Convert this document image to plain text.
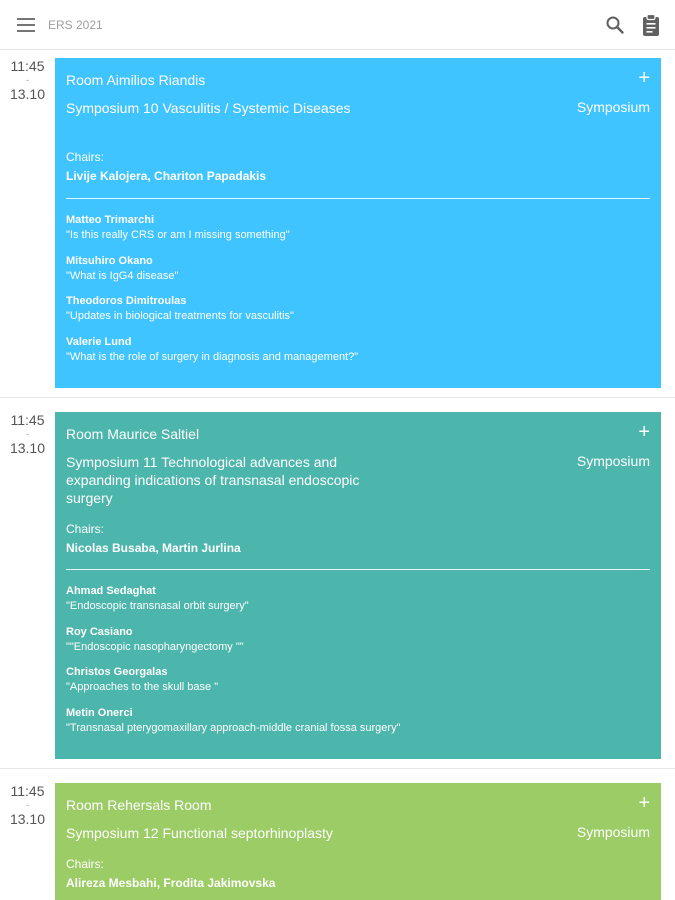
ERS 2021
11:45
-
13.10
Room Aimilios Riandis	+
Symposium 10 Vasculitis / Systemic Diseases	Symposium
Chairs:
Livije Kalojera, Chariton Papadakis
Matteo Trimarchi
"Is this really CRS or am I missing something"
Mitsuhiro Okano
"What is IgG4 disease"
Theodoros Dimitroulas
"Updates in biological treatments for vasculitis"
Valerie Lund
"What is the role of surgery in diagnosis and management?"
11:45
-
13.10
Room Maurice Saltiel	+
Symposium 11 Technological advances and expanding indications of transnasal endoscopic surgery
Symposium
Chairs:
Nicolas Busaba, Martin Jurlina
Ahmad Sedaghat
"Endoscopic transnasal orbit surgery"
Roy Casiano
""Endoscopic nasopharyngectomy ""
Christos Georgalas
"Approaches to the skull base "
Metin Onerci
"Transnasal pterygomaxillary approach-middle cranial fossa surgery"
11:45
-
13.10
Room Rehersals Room	+
Symposium 12 Functional septorhinoplasty	Symposium
Chairs:
Alireza Mesbahi, Frodita Jakimovska
